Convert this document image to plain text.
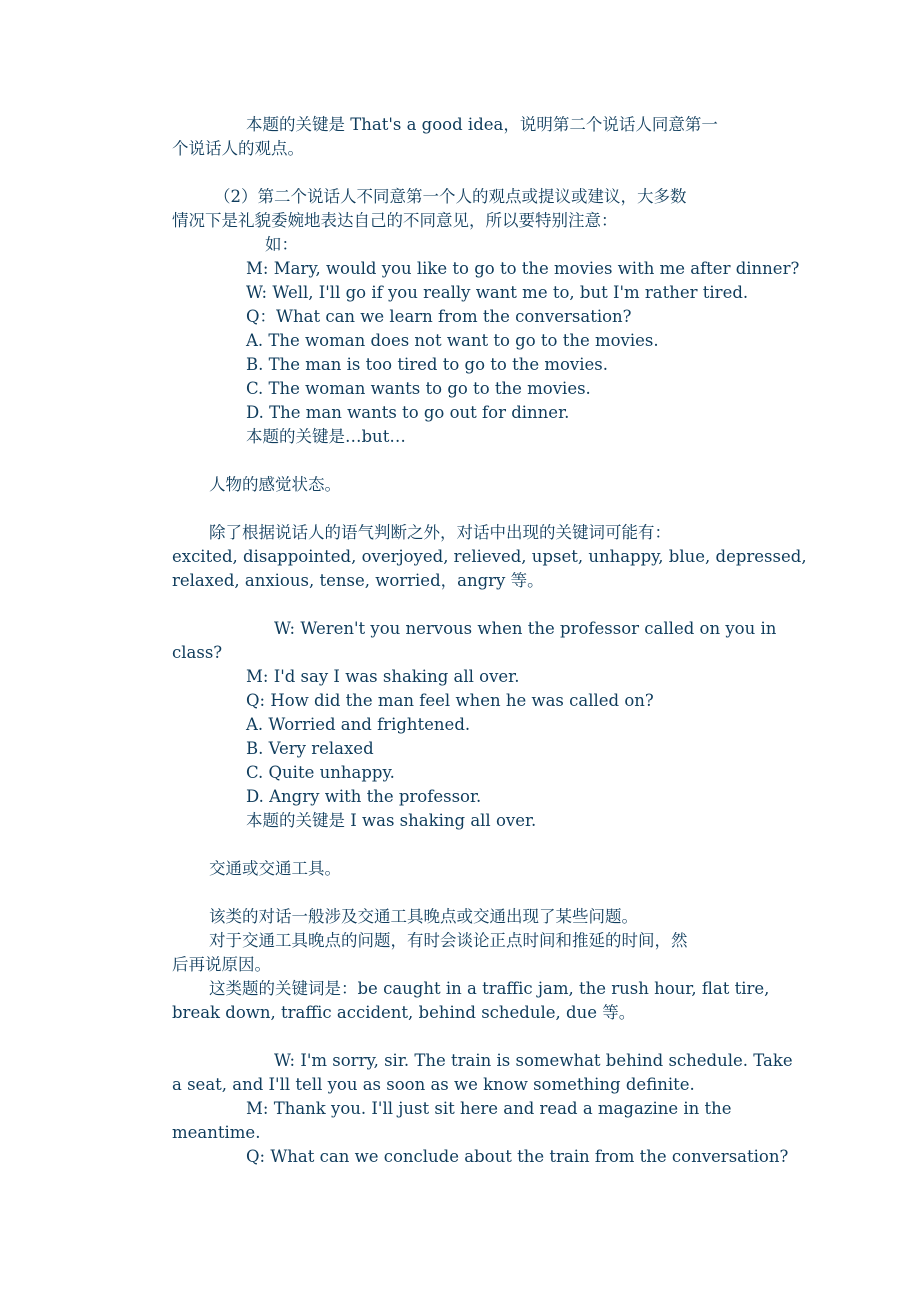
本题的关键是 That's a good idea，说明第二个说话人同意第一
个说话人的观点。
（2）第二个说话人不同意第一个人的观点或提议或建议，大多数
情况下是礼貌委婉地表达自己的不同意见，所以要特别注意：
如：
M: Mary, would you like to go to the movies with me after dinner?
W: Well, I'll go if you really want me to, but I'm rather tired.
Q：What can we learn from the conversation?
A. The woman does not want to go to the movies.
B. The man is too tired to go to the movies.
C. The woman wants to go to the movies.
D. The man wants to go out for dinner.
本题的关键是…but…
人物的感觉状态。
除了根据说话人的语气判断之外，对话中出现的关键词可能有：
excited, disappointed, overjoyed, relieved, upset, unhappy, blue, depressed,
relaxed, anxious, tense, worried，angry 等。
W: Weren't you nervous when the professor called on you in
class?
M: I'd say I was shaking all over.
Q: How did the man feel when he was called on?
A. Worried and frightened.
B. Very relaxed
C. Quite unhappy.
D. Angry with the professor.
本题的关键是 I was shaking all over.
交通或交通工具。
该类的对话一般涉及交通工具晚点或交通出现了某些问题。
对于交通工具晚点的问题，有时会谈论正点时间和推延的时间，然
后再说原因。
这类题的关键词是：be caught in a traffic jam, the rush hour, flat tire,
break down, traffic accident, behind schedule, due 等。
W: I'm sorry, sir. The train is somewhat behind schedule. Take
a seat, and I'll tell you as soon as we know something definite.
M: Thank you. I'll just sit here and read a magazine in the
meantime.
Q: What can we conclude about the train from the conversation?
